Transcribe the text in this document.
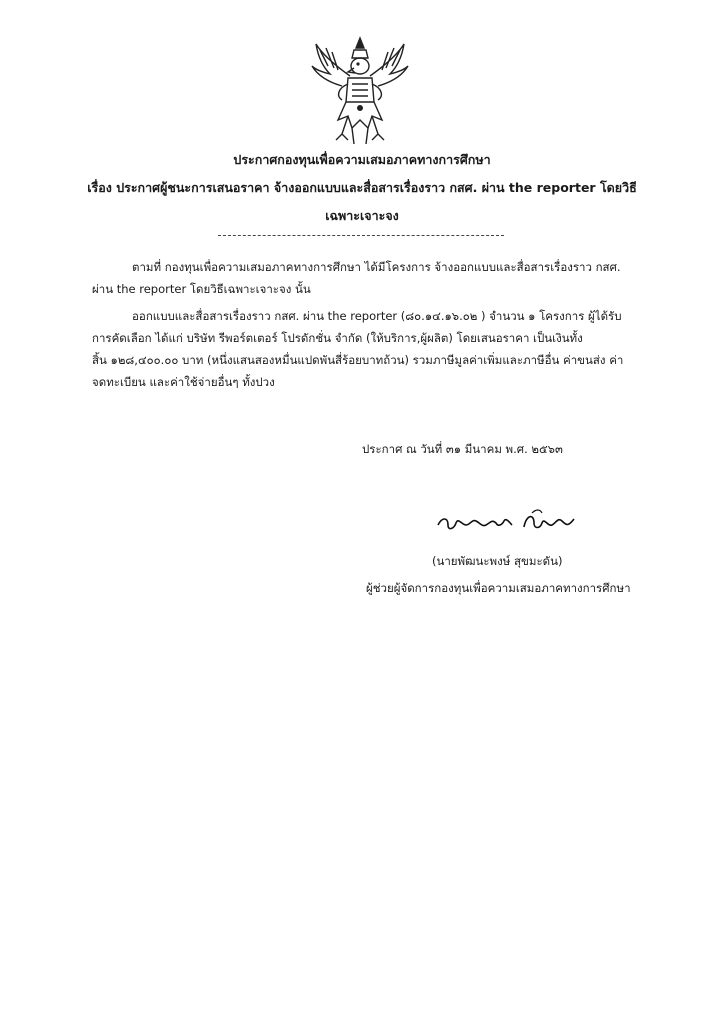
ประกาศกองทุนเพื่อความเสมอภาคทางการศึกษา
เรื่อง ประกาศผู้ชนะการเสนอราคา จ้างออกแบบและสื่อสารเรื่องราว กสศ. ผ่าน the reporter โดยวิธี
เฉพาะเจาะจง
ตามที่ กองทุนเพื่อความเสมอภาคทางการศึกษา ได้มีโครงการ จ้างออกแบบและสื่อสารเรื่องราว กสศ.
ผ่าน the reporter โดยวิธีเฉพาะเจาะจง นั้น
ออกแบบและสื่อสารเรื่องราว กสศ. ผ่าน the reporter (๘๐.๑๔.๑๖.๐๒ ) จำนวน ๑ โครงการ ผู้ได้รับ
การคัดเลือก ได้แก่ บริษัท รีพอร์ตเตอร์ โปรดักชั่น จำกัด (ให้บริการ,ผู้ผลิต) โดยเสนอราคา เป็นเงินทั้ง
สิ้น ๑๒๘,๔๐๐.๐๐ บาท (หนึ่งแสนสองหมื่นแปดพันสี่ร้อยบาทถ้วน) รวมภาษีมูลค่าเพิ่มและภาษีอื่น ค่าขนส่ง ค่า
จดทะเบียน และค่าใช้จ่ายอื่นๆ ทั้งปวง
ประกาศ ณ วันที่ ๓๑ มีนาคม พ.ศ. ๒๕๖๓
(นายพัฒนะพงษ์ สุขมะดัน)
ผู้ช่วยผู้จัดการกองทุนเพื่อความเสมอภาคทางการศึกษา
